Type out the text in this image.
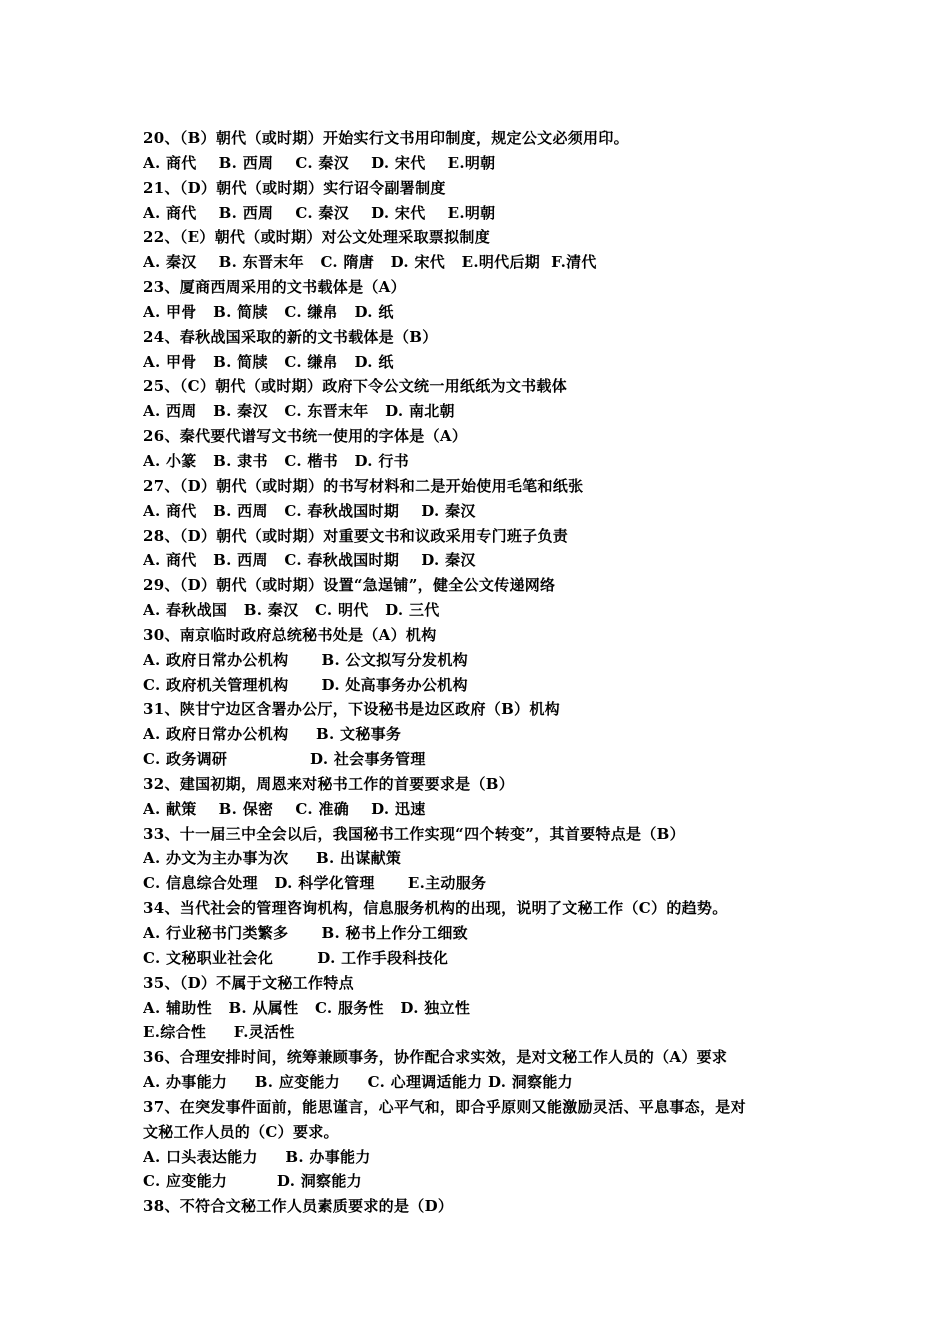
20、（B）朝代（或时期）开始实行文书用印制度，规定公文必须用印。
A. 商代    B. 西周    C. 秦汉    D. 宋代    E.明朝
21、（D）朝代（或时期）实行诏令副署制度
A. 商代    B. 西周    C. 秦汉    D. 宋代    E.明朝
22、（E）朝代（或时期）对公文处理采取票拟制度
A. 秦汉    B. 东晋末年   C. 隋唐   D. 宋代   E.明代后期  F.清代
23、厦商西周采用的文书载体是（A）
A. 甲骨   B. 简牍   C. 缣帛   D. 纸
24、春秋战国采取的新的文书载体是（B）
A. 甲骨   B. 简牍   C. 缣帛   D. 纸
25、（C）朝代（或时期）政府下令公文统一用纸纸为文书载体
A. 西周   B. 秦汉   C. 东晋末年   D. 南北朝
26、秦代要代谱写文书统一使用的字体是（A）
A. 小篆   B. 隶书   C. 楷书   D. 行书
27、（D）朝代（或时期）的书写材料和二是开始使用毛笔和纸张
A. 商代   B. 西周   C. 春秋战国时期    D. 秦汉
28、（D）朝代（或时期）对重要文书和议政采用专门班子负责
A. 商代   B. 西周   C. 春秋战国时期    D. 秦汉
29、（D）朝代（或时期）设置“急逞铺”，健全公文传递网络
A. 春秋战国   B. 秦汉   C. 明代   D. 三代
30、南京临时政府总统秘书处是（A）机构
A. 政府日常办公机构      B. 公文拟写分发机构
C. 政府机关管理机构      D. 处高事务办公机构
31、陕甘宁边区含署办公厅，下设秘书是边区政府（B）机构
A. 政府日常办公机构     B. 文秘事务
C. 政务调研               D. 社会事务管理
32、建国初期，周恩来对秘书工作的首要要求是（B）
A. 献策    B. 保密    C. 准确    D. 迅速
33、十一届三中全会以后，我国秘书工作实现“四个转变”，其首要特点是（B）
A. 办文为主办事为次     B. 出谋献策
C. 信息综合处理   D. 科学化管理      E.主动服务
34、当代社会的管理咨询机构，信息服务机构的出现，说明了文秘工作（C）的趋势。
A. 行业秘书门类繁多      B. 秘书上作分工细致
C. 文秘职业社会化        D. 工作手段科技化
35、（D）不属于文秘工作特点
A. 辅助性   B. 从属性   C. 服务性   D. 独立性
E.综合性     F.灵活性
36、合理安排时间，统筹兼顾事务，协作配合求实效，是对文秘工作人员的（A）要求
A. 办事能力     B. 应变能力     C. 心理调适能力 D. 洞察能力
37、在突发事件面前，能思谨言，心平气和，即合乎原则又能激励灵活、平息事态，是对
文秘工作人员的（C）要求。
A. 口头表达能力     B. 办事能力
C. 应变能力         D. 洞察能力
38、不符合文秘工作人员素质要求的是（D）
